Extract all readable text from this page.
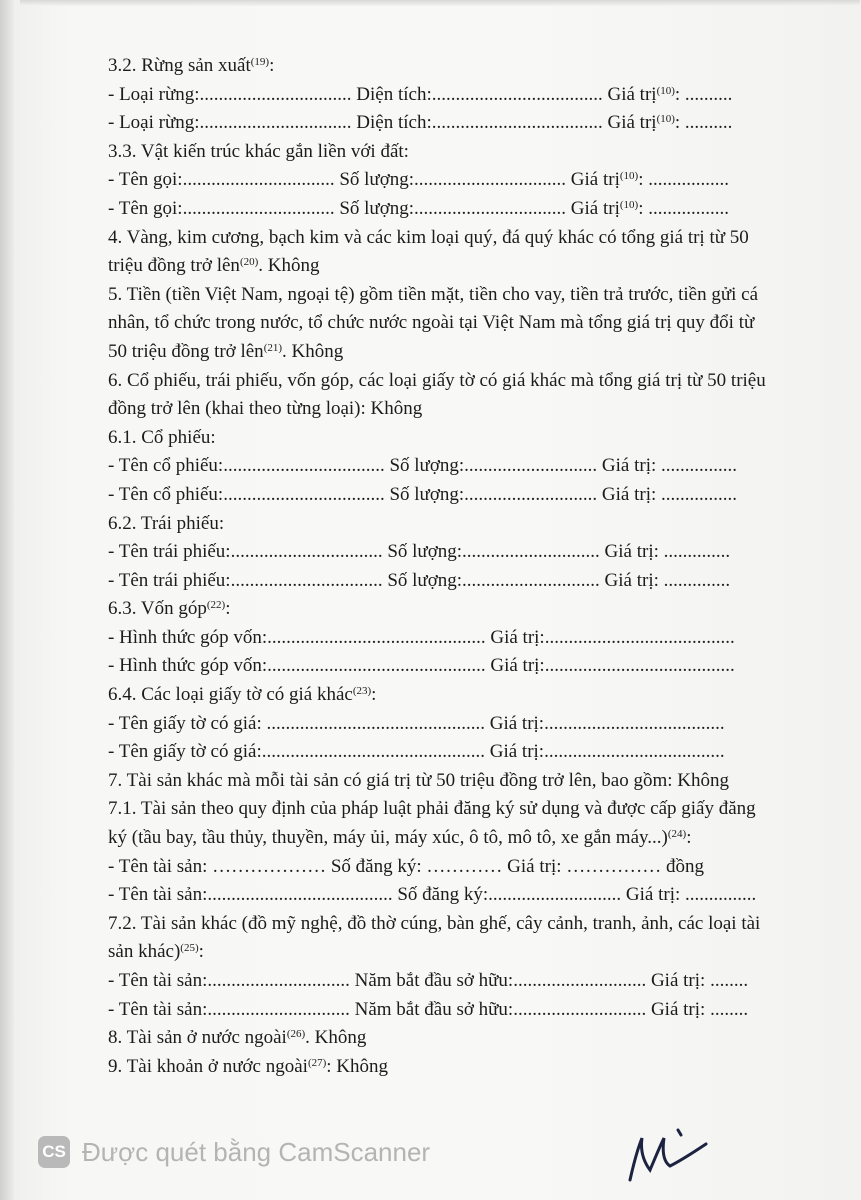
3.2. Rừng sản xuất$^{(19)}$:
- Loại rừng:................................ Diện tích:.................................... Giá trị$^{(10)}$: ..........
- Loại rừng:................................ Diện tích:.................................... Giá trị$^{(10)}$: ..........
3.3. Vật kiến trúc khác gắn liền với đất:
- Tên gọi:................................ Số lượng:................................ Giá trị$^{(10)}$: .................
- Tên gọi:................................ Số lượng:................................ Giá trị$^{(10)}$: .................
4. Vàng, kim cương, bạch kim và các kim loại quý, đá quý khác có tổng giá trị từ 50 triệu đồng trở lên$^{(20)}$. Không
5. Tiền (tiền Việt Nam, ngoại tệ) gồm tiền mặt, tiền cho vay, tiền trả trước, tiền gửi cá nhân, tổ chức trong nước, tổ chức nước ngoài tại Việt Nam mà tổng giá trị quy đổi từ 50 triệu đồng trở lên$^{(21)}$. Không
6. Cổ phiếu, trái phiếu, vốn góp, các loại giấy tờ có giá khác mà tổng giá trị từ 50 triệu đồng trở lên (khai theo từng loại): Không
6.1. Cổ phiếu:
- Tên cổ phiếu:.................................. Số lượng:............................ Giá trị: ................
- Tên cổ phiếu:.................................. Số lượng:............................ Giá trị: ................
6.2. Trái phiếu:
- Tên trái phiếu:................................ Số lượng:............................. Giá trị: ..............
- Tên trái phiếu:................................ Số lượng:............................. Giá trị: ..............
6.3. Vốn góp$^{(22)}$:
- Hình thức góp vốn:.............................................. Giá trị:........................................
- Hình thức góp vốn:.............................................. Giá trị:........................................
6.4. Các loại giấy tờ có giá khác$^{(23)}$:
- Tên giấy tờ có giá: .............................................. Giá trị:......................................
- Tên giấy tờ có giá:............................................... Giá trị:......................................
7. Tài sản khác mà mỗi tài sản có giá trị từ 50 triệu đồng trở lên, bao gồm: Không
7.1. Tài sản theo quy định của pháp luật phải đăng ký sử dụng và được cấp giấy đăng ký (tầu bay, tầu thủy, thuyền, máy ủi, máy xúc, ô tô, mô tô, xe gắn máy...)$^{(24)}$:
- Tên tài sản: ……………… Số đăng ký: ………… Giá trị: …………… đồng
- Tên tài sản:....................................... Số đăng ký:............................ Giá trị: ...............
7.2. Tài sản khác (đồ mỹ nghệ, đồ thờ cúng, bàn ghế, cây cảnh, tranh, ảnh, các loại tài sản khác)$^{(25)}$:
- Tên tài sản:.............................. Năm bắt đầu sở hữu:............................ Giá trị: ........
- Tên tài sản:.............................. Năm bắt đầu sở hữu:............................ Giá trị: ........
8. Tài sản ở nước ngoài$^{(26)}$. Không
9. Tài khoản ở nước ngoài$^{(27)}$: Không
CS Được quét bằng CamScanner
